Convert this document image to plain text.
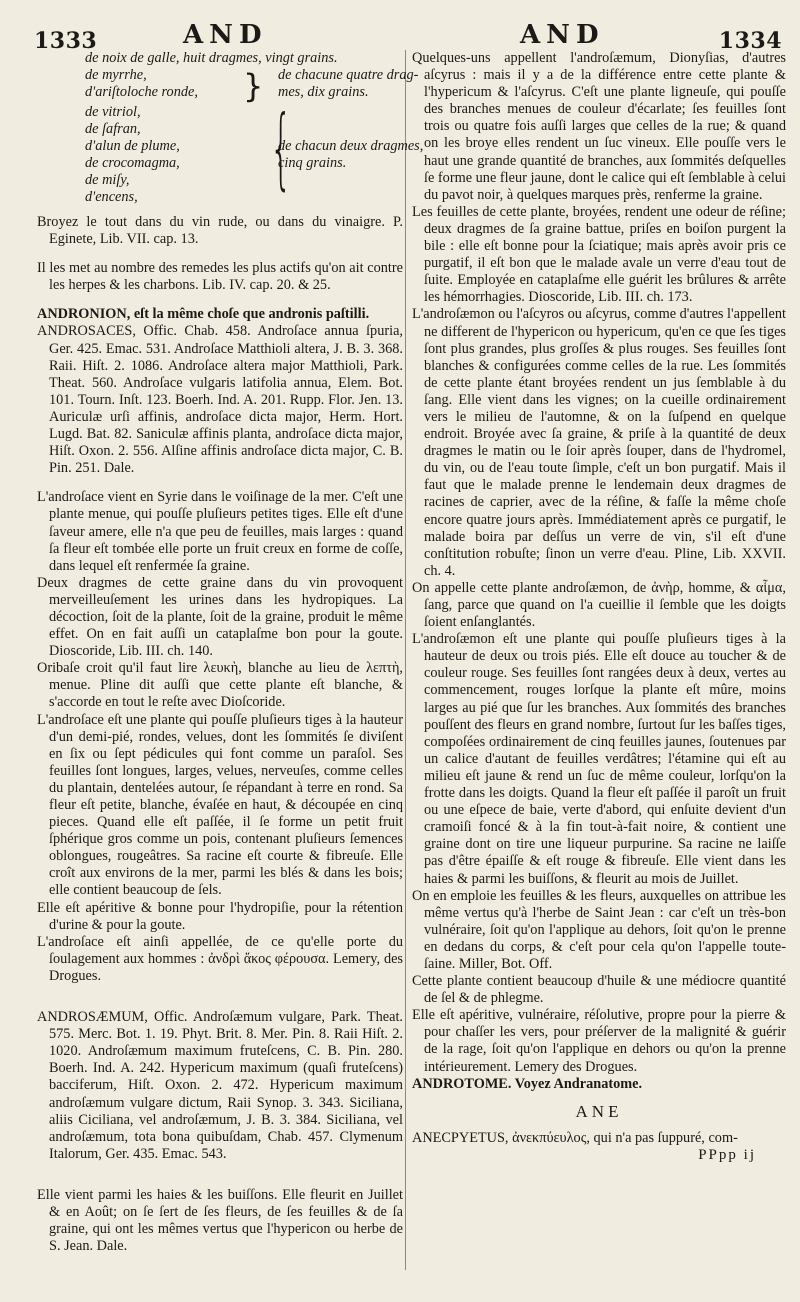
1333	AND	AND	1334
de noix de galle, huit dragmes, vingt grains.
de myrrhe,
d'ariſtoloche ronde,
de vitriol,
de ſafran,
d'alun de plume,
de crocomagma,
de miſy,
d'encens,
}
{
de chacune quatre drag-
mes, dix grains.
de chacun deux dragmes,
cinq grains.

Broyez le tout dans du vin rude, ou dans du vinaigre. P. Eginete, Lib. VII. cap. 13.

Il les met au nombre des remedes les plus actifs qu'on ait contre les herpes & les charbons. Lib. IV. cap. 20. & 25.

ANDRONION, eſt la même choſe que andronis paſtilli.

ANDROSACES, Offic. Chab. 458. Androſace annua ſpuria, Ger. 425. Emac. 531. Androſace Matthioli altera, J. B. 3. 368. Raii. Hiſt. 2. 1086. Androſace altera major Matthioli, Park. Theat. 560. Androſace vulgaris latifolia annua, Elem. Bot. 101. Tourn. Inſt. 123. Boerh. Ind. A. 201. Rupp. Flor. Jen. 13. Auriculæ urſi affinis, androſace dicta major, Herm. Hort. Lugd. Bat. 82. Saniculæ affinis planta, androſace dicta major, Hiſt. Oxon. 2. 556. Alſine affinis androſace dicta major, C. B. Pin. 251. Dale.

L'androſace vient en Syrie dans le voiſinage de la mer. C'eſt une plante menue, qui pouſſe pluſieurs petites tiges. Elle eſt d'une ſaveur amere, elle n'a que peu de feuilles, mais larges : quand ſa fleur eſt tombée elle porte un fruit creux en forme de coſſe, dans lequel eſt renfermée ſa graine.

Deux dragmes de cette graine dans du vin provoquent merveilleuſement les urines dans les hydropiques. La décoction, ſoit de la plante, ſoit de la graine, produit le même effet. On en fait auſſi un cataplaſme bon pour la goute. Dioscoride, Lib. III. ch. 140.

Oribaſe croit qu'il faut lire λευκὴ, blanche au lieu de λεπτὴ, menue. Pline dit auſſi que cette plante eſt blanche, & s'accorde en tout le reſte avec Dioſcoride.

L'androſace eſt une plante qui pouſſe pluſieurs tiges à la hauteur d'un demi-pié, rondes, velues, dont les ſommités ſe diviſent en ſix ou ſept pédicules qui font comme un paraſol. Ses feuilles ſont longues, larges, velues, nerveuſes, comme celles du plantain, dentelées autour, ſe répandant à terre en rond. Sa fleur eſt petite, blanche, évaſée en haut, & découpée en cinq pieces. Quand elle eſt paſſée, il ſe forme un petit fruit ſphérique gros comme un pois, contenant pluſieurs ſemences oblongues, rougeâtres. Sa racine eſt courte & fibreuſe. Elle croît aux environs de la mer, parmi les blés & dans les bois; elle contient beaucoup de ſels.

Elle eſt apéritive & bonne pour l'hydropiſie, pour la rétention d'urine & pour la goute.

L'androſace eſt ainſi appellée, de ce qu'elle porte du ſoulagement aux hommes : ἀνδρὶ ἄκος φέρουσα. Lemery, des Drogues.

ANDROSÆMUM, Offic. Androſæmum vulgare, Park. Theat. 575. Merc. Bot. 1. 19. Phyt. Brit. 8. Mer. Pin. 8. Raii Hiſt. 2. 1020. Androſæmum maximum fruteſcens, C. B. Pin. 280. Boerh. Ind. A. 242. Hypericum maximum (quaſi fruteſcens) bacciferum, Hiſt. Oxon. 2. 472. Hypericum maximum androſæmum vulgare dictum, Raii Synop. 3. 343. Siciliana, aliis Ciciliana, vel androſæmum, J. B. 3. 384. Siciliana, vel androſæmum, tota bona quibuſdam, Chab. 457. Clymenum Italorum, Ger. 435. Emac. 543.

Elle vient parmi les haies & les buiſſons. Elle fleurit en Juillet & en Août; on ſe ſert de ſes fleurs, de ſes feuilles & de ſa graine, qui ont les mêmes vertus que l'hypericon ou herbe de S. Jean. Dale.

Quelques-uns appellent l'androſæmum, Dionyſias, d'autres aſcyrus : mais il y a de la différence entre cette plante & l'hypericum & l'aſcyrus. C'eſt une plante ligneuſe, qui pouſſe des branches menues de couleur d'écarlate; ſes feuilles ſont trois ou quatre fois auſſi larges que celles de la rue; & quand on les broye elles rendent un ſuc vineux. Elle pouſſe vers le haut une grande quantité de branches, aux ſommités deſquelles ſe forme une fleur jaune, dont le calice qui eſt ſemblable à celui du pavot noir, à quelques marques près, renferme la graine.

Les feuilles de cette plante, broyées, rendent une odeur de réſine; deux dragmes de ſa graine battue, priſes en boiſon purgent la bile : elle eſt bonne pour la ſciatique; mais après avoir pris ce purgatif, il eſt bon que le malade avale un verre d'eau tout de ſuite. Employée en cataplaſme elle guérit les brûlures & arrête les hémorrhagies. Dioscoride, Lib. III. ch. 173.

L'androſæmon ou l'aſcyros ou aſcyrus, comme d'autres l'appellent ne different de l'hypericon ou hypericum, qu'en ce que ſes tiges ſont plus grandes, plus groſſes & plus rouges. Ses feuilles ſont blanches & configurées comme celles de la rue. Les ſommités de cette plante étant broyées rendent un jus ſemblable à du ſang. Elle vient dans les vignes; on la cueille ordinairement vers le milieu de l'automne, & on la ſuſpend en quelque endroit. Broyée avec ſa graine, & priſe à la quantité de deux dragmes le matin ou le ſoir après ſouper, dans de l'hydromel, du vin, ou de l'eau toute ſimple, c'eſt un bon purgatif. Mais il faut que le malade prenne le lendemain deux dragmes de racines de caprier, avec de la réſine, & faſſe la même choſe encore quatre jours après. Immédiatement après ce purgatif, le malade boira par deſſus un verre de vin, s'il eſt d'une conſtitution robuſte; ſinon un verre d'eau. Pline, Lib. XXVII. ch. 4.

On appelle cette plante androſæmon, de ἀνὴρ, homme, & αἷμα, ſang, parce que quand on l'a cueillie il ſemble que les doigts ſoient enſanglantés.

L'androſæmon eſt une plante qui pouſſe pluſieurs tiges à la hauteur de deux ou trois piés. Elle eſt douce au toucher & de couleur rouge. Ses feuilles ſont rangées deux à deux, vertes au commencement, rouges lorſque la plante eſt mûre, moins larges au pié que ſur les branches. Aux ſommités des branches pouſſent des fleurs en grand nombre, ſurtout ſur les baſſes tiges, compoſées ordinairement de cinq feuilles jaunes, ſoutenues par un calice d'autant de feuilles verdâtres; l'étamine qui eſt au milieu eſt jaune & rend un ſuc de même couleur, lorſqu'on la frotte dans les doigts. Quand la fleur eſt paſſée il paroît un fruit ou une eſpece de baie, verte d'abord, qui enſuite devient d'un cramoiſi foncé & à la fin tout-à-fait noire, & contient une graine dont on tire une liqueur purpurine. Sa racine ne laiſſe pas d'être épaiſſe & eſt rouge & fibreuſe. Elle vient dans les haies & parmi les buiſſons, & fleurit au mois de Juillet.

On en emploie les feuilles & les fleurs, auxquelles on attribue les même vertus qu'à l'herbe de Saint Jean : car c'eſt un très-bon vulnéraire, ſoit qu'on l'applique au dehors, ſoit qu'on le prenne en dedans du corps, & c'eſt pour cela qu'on l'appelle toute-ſaine. Miller, Bot. Off.

Cette plante contient beaucoup d'huile & une médiocre quantité de ſel & de phlegme.

Elle eſt apéritive, vulnéraire, réſolutive, propre pour la pierre & pour chaſſer les vers, pour préſerver de la malignité & guérir de la rage, ſoit qu'on l'applique en dehors ou qu'on la prenne intérieurement. Lemery des Drogues.

ANDROTOME. Voyez Andranatome.

ANE

ANECPYETUS, ἀνεκπύευλος, qui n'a pas ſuppuré, com-

PPpp ij
